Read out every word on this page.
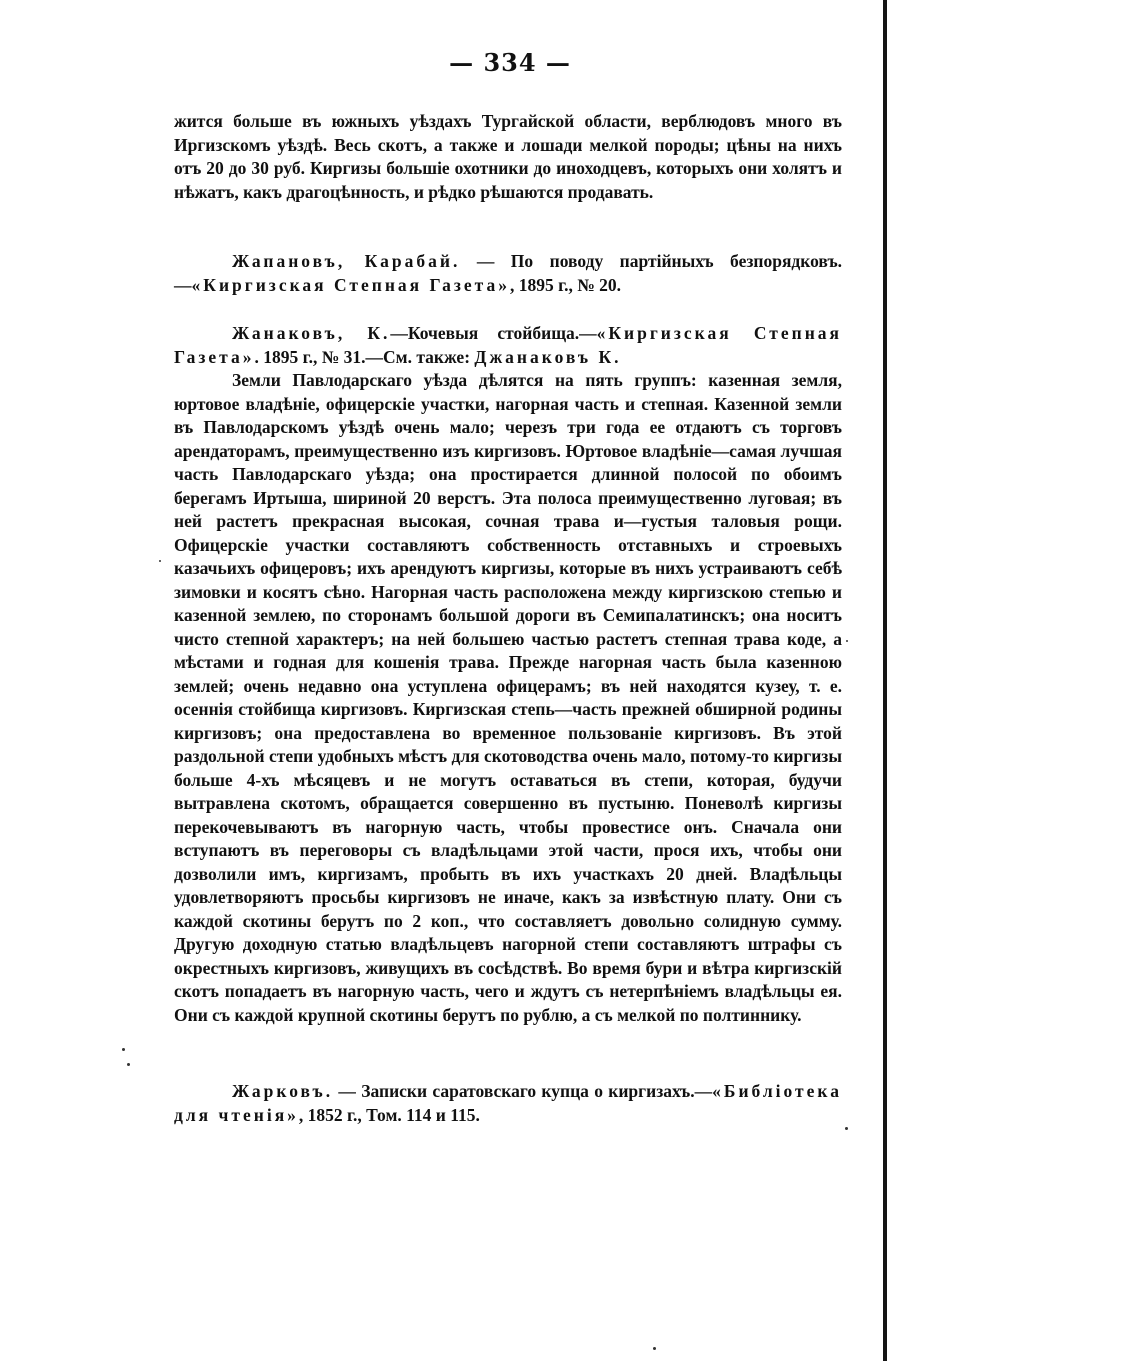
— 334 —

жится больше въ южныхъ уѣздахъ Тургайской области, верблюдовъ много въ Иргизскомъ уѣздѣ. Весь скотъ, а также и лошади мелкой породы; цѣны на нихъ отъ 20 до 30 руб. Киргизы большіе охотники до иноходцевъ, которыхъ они холятъ и нѣжатъ, какъ драгоцѣнность, и рѣдко рѣшаются продавать.

Жапановъ, Карабай. — По поводу партійныхъ безпорядковъ.—«Киргизская Степная Газета», 1895 г., № 20.

Жанаковъ, К.—Кочевыя стойбища.—«Киргизская Степная Газета». 1895 г., № 31.—См. также: Джанаковъ К.

Земли Павлодарскаго уѣзда дѣлятся на пять группъ: казенная земля, юртовое владѣніе, офицерскіе участки, нагорная часть и степная. Казенной земли въ Павлодарскомъ уѣздѣ очень мало; черезъ три года ее отдаютъ съ торговъ арендаторамъ, преимущественно изъ киргизовъ. Юртовое владѣніе—самая лучшая часть Павлодарскаго уѣзда; она простирается длинной полосой по обоимъ берегамъ Иртыша, шириной 20 верстъ. Эта полоса преимущественно луговая; въ ней растетъ прекрасная высокая, сочная трава и—густыя таловыя рощи. Офицерскіе участки составляютъ собственность отставныхъ и строевыхъ казачьихъ офицеровъ; ихъ арендуютъ киргизы, которые въ нихъ устраиваютъ себѣ зимовки и косятъ сѣно. Нагорная часть расположена между киргизскою степью и казенной землею, по сторонамъ большой дороги въ Семипалатинскъ; она носитъ чисто степной характеръ; на ней большею частью растетъ степная трава коде, а мѣстами и годная для кошенія трава. Прежде нагорная часть была казенною землей; очень недавно она уступлена офицерамъ; въ ней находятся кузеу, т. е. осеннія стойбища киргизовъ. Киргизская степь—часть прежней обширной родины киргизовъ; она предоставлена во временное пользованіе киргизовъ. Въ этой раздольной степи удобныхъ мѣстъ для скотоводства очень мало, потому-то киргизы больше 4-хъ мѣсяцевъ и не могутъ оставаться въ степи, которая, будучи вытравлена скотомъ, обращается совершенно въ пустыню. Поневолѣ киргизы перекочевываютъ въ нагорную часть, чтобы провестисе онъ. Сначала они вступаютъ въ переговоры съ владѣльцами этой части, прося ихъ, чтобы они дозволили имъ, киргизамъ, пробыть въ ихъ участкахъ 20 дней. Владѣльцы удовлетворяютъ просьбы киргизовъ не иначе, какъ за извѣстную плату. Они съ каждой скотины берутъ по 2 коп., что составляетъ довольно солидную сумму. Другую доходную статью владѣльцевъ нагорной степи составляютъ штрафы съ окрестныхъ киргизовъ, живущихъ въ сосѣдствѣ. Во время бури и вѣтра киргизскій скотъ попадаетъ въ нагорную часть, чего и ждутъ съ нетерпѣніемъ владѣльцы ея. Они съ каждой крупной скотины берутъ по рублю, а съ мелкой по полтиннику.

Жарковъ. — Записки саратовскаго купца о киргизахъ.—«Библіотека для чтенія», 1852 г., Том. 114 и 115.
